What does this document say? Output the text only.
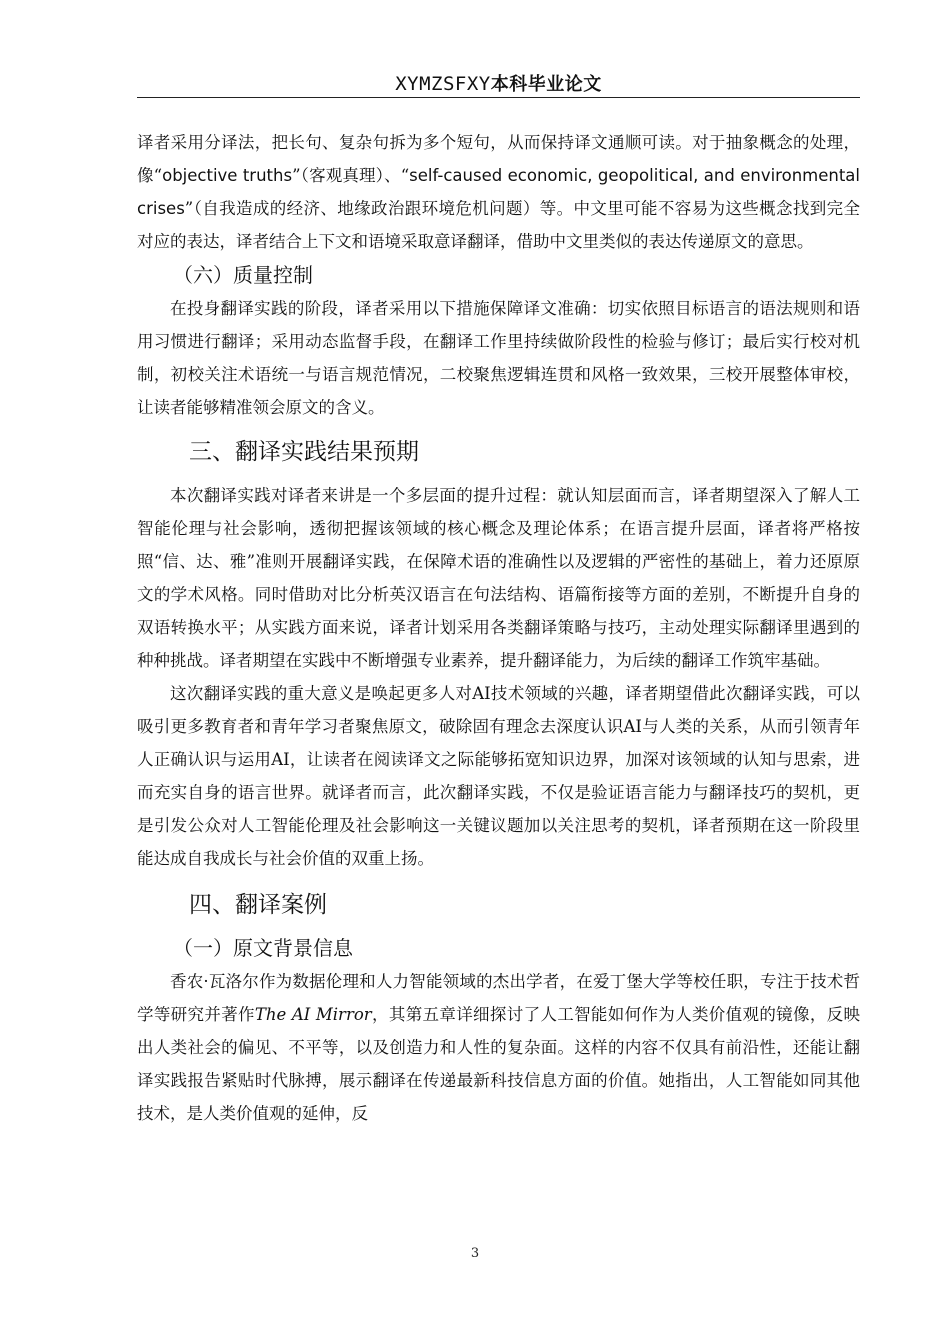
XYMZSFXY本科毕业论文

译者采用分译法，把长句、复杂句拆为多个短句，从而保持译文通顺可读。对于抽象概念的处理，像“objective truths”（客观真理）、“self-caused economic, geopolitical, and environmental crises”（自我造成的经济、地缘政治跟环境危机问题）等。中文里可能不容易为这些概念找到完全对应的表达，译者结合上下文和语境采取意译翻译，借助中文里类似的表达传递原文的意思。

（六）质量控制

在投身翻译实践的阶段，译者采用以下措施保障译文准确：切实依照目标语言的语法规则和语用习惯进行翻译；采用动态监督手段，在翻译工作里持续做阶段性的检验与修订；最后实行校对机制，初校关注术语统一与语言规范情况，二校聚焦逻辑连贯和风格一致效果，三校开展整体审校，让读者能够精准领会原文的含义。

三、翻译实践结果预期

本次翻译实践对译者来讲是一个多层面的提升过程：就认知层面而言，译者期望深入了解人工智能伦理与社会影响，透彻把握该领域的核心概念及理论体系；在语言提升层面，译者将严格按照“信、达、雅”准则开展翻译实践，在保障术语的准确性以及逻辑的严密性的基础上，着力还原原文的学术风格。同时借助对比分析英汉语言在句法结构、语篇衔接等方面的差别，不断提升自身的双语转换水平；从实践方面来说，译者计划采用各类翻译策略与技巧，主动处理实际翻译里遇到的种种挑战。译者期望在实践中不断增强专业素养，提升翻译能力，为后续的翻译工作筑牢基础。

这次翻译实践的重大意义是唤起更多人对AI技术领域的兴趣，译者期望借此次翻译实践，可以吸引更多教育者和青年学习者聚焦原文，破除固有理念去深度认识AI与人类的关系，从而引领青年人正确认识与运用AI，让读者在阅读译文之际能够拓宽知识边界，加深对该领域的认知与思索，进而充实自身的语言世界。就译者而言，此次翻译实践，不仅是验证语言能力与翻译技巧的契机，更是引发公众对人工智能伦理及社会影响这一关键议题加以关注思考的契机，译者预期在这一阶段里能达成自我成长与社会价值的双重上扬。

四、翻译案例
（一）原文背景信息

香农·瓦洛尔作为数据伦理和人力智能领域的杰出学者，在爱丁堡大学等校任职，专注于技术哲学等研究并著作The AI Mirror，其第五章详细探讨了人工智能如何作为人类价值观的镜像，反映出人类社会的偏见、不平等，以及创造力和人性的复杂面。这样的内容不仅具有前沿性，还能让翻译实践报告紧贴时代脉搏，展示翻译在传递最新科技信息方面的价值。她指出，人工智能如同其他技术，是人类价值观的延伸，反

3
